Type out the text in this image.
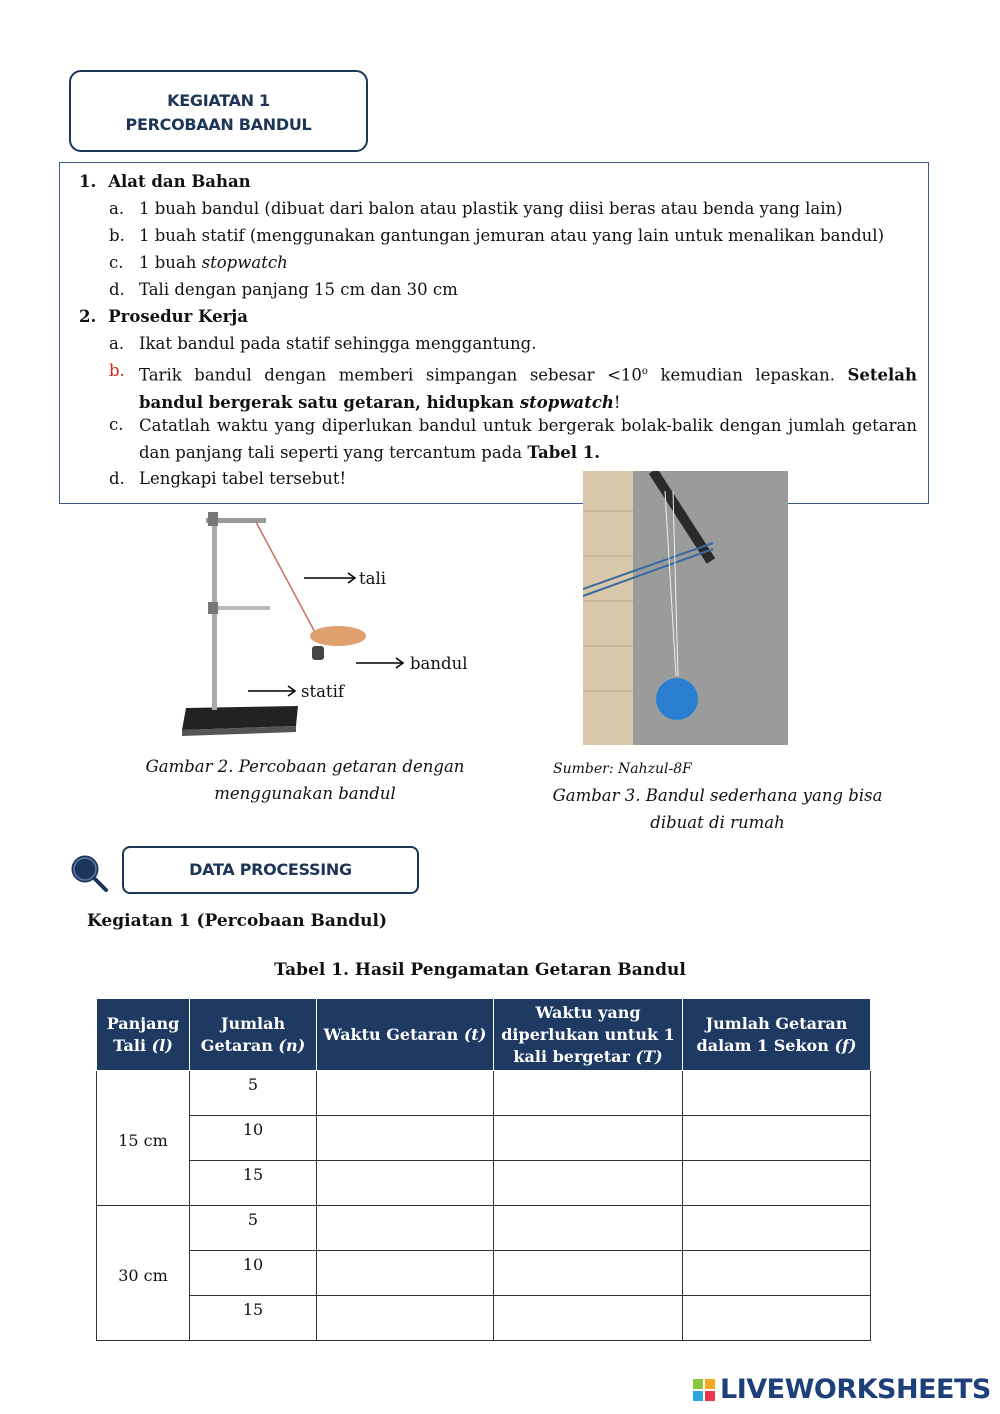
KEGIATAN 1
PERCOBAAN BANDUL
1. Alat dan Bahan
a. 1 buah bandul (dibuat dari balon atau plastik yang diisi beras atau benda yang lain)
b. 1 buah statif (menggunakan gantungan jemuran atau yang lain untuk menalikan bandul)
c. 1 buah stopwatch
d. Tali dengan panjang 15 cm dan 30 cm
2. Prosedur Kerja
a. Ikat bandul pada statif sehingga menggantung.
b. Tarik bandul dengan memberi simpangan sebesar $<10^o$ kemudian lepaskan. Setelah bandul bergerak satu getaran, hidupkan stopwatch!
c. Catatlah waktu yang diperlukan bandul untuk bergerak bolak-balik dengan jumlah getaran dan panjang tali seperti yang tercantum pada Tabel 1.
d. Lengkapi tabel tersebut!
tali
bandul
statif
Gambar 2. Percobaan getaran dengan
menggunakan bandul
Sumber: Nahzul-8F
Gambar 3. Bandul sederhana yang bisa
dibuat di rumah
DATA PROCESSING
Kegiatan 1 (Percobaan Bandul)
Tabel 1. Hasil Pengamatan Getaran Bandul
Panjang Tali (l)	Jumlah Getaran (n)	Waktu Getaran (t)	Waktu yang diperlukan untuk 1 kali bergetar (T)	Jumlah Getaran dalam 1 Sekon (f)
15 cm	5			
	10			
	15			
30 cm	5			
	10			
	15			
LIVEWORKSHEETS
